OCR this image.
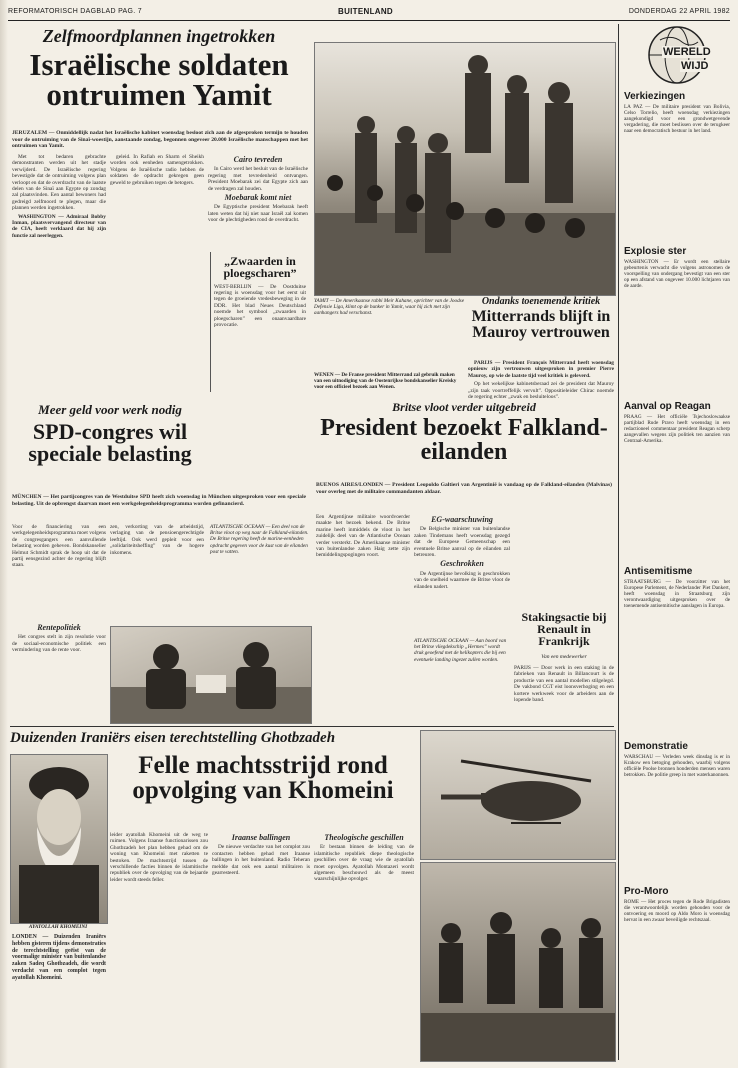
REFORMATORISCH DAGBLAD PAG. 7	BUITENLAND	DONDERDAG 22 APRIL 1982
Zelfmoordplannen ingetrokken
Israëlische soldaten ontruimen Yamit
JERUZALEM — Onmiddellijk nadat het Israëlische kabinet woensdag besloot zich aan de afgesproken termijn te houden voor de ontruiming van de Sinaï-woestijn, aanstaande zondag, begonnen ongeveer 20.000 Israëlische manschappen met het ontruimen van Yamit.

Met tot bedaren gebrachte demonstranten werden uit het stadje verwijderd. De Israëlische regering bevestigde dat de ontruiming volgens plan verloopt en dat de overdracht van de laatste delen van de Sinaï aan Egypte op zondag zal plaatsvinden. Een aantal bewoners had gedreigd zelfmoord te plegen, maar die plannen werden ingetrokken.

WASHINGTON — Admiraal Bobby Inman, plaatsvervangend directeur van de CIA, heeft verklaard dat hij zijn functie zal neerleggen.

geleid. In Rafiah en Sharm el Sheikh worden ook eenheden samengetrokken. Volgens de Israëlische radio hebben de soldaten de opdracht gekregen geen geweld te gebruiken tegen de betogers.

Cairo tevreden

In Cairo werd het besluit van de Israëlische regering met tevredenheid ontvangen. President Moebarak zei dat Egypte zich aan de verdragen zal houden.

Moebarak komt niet

De Egyptische president Moebarak heeft laten weten dat hij niet naar Israël zal komen voor de plechtigheden rond de overdracht.

„Zwaarden in ploegscharen”
WEST-BERLIJN — De Oostduitse regering is woensdag voor het eerst uit tegen de groeiende vredesbeweging in de DDR. Het blad Neues Deutschland noemde het symbool „zwaarden in ploegscharen” een onaanvaardbare provocatie.
YAMIT — De Amerikaanse rabbi Meir Kahane, oprichter van de Joodse Defensie Liga, klimt op de bunker in Yamit, waar hij zich met zijn aanhangers had verschanst.
WENEN — De Franse president Mitterrand zal gebruik maken van een uitnodiging van de Oostenrijkse bondskanselier Kreisky voor een officieel bezoek aan Wenen.
Ondanks toenemende kritiek
Mitterrands blijft in Mauroy vertrouwen

PARIJS — President François Mitterrand heeft woensdag opnieuw zijn vertrouwen uitgesproken in premier Pierre Mauroy, op wie de laatste tijd veel kritiek is geleverd.

Op het wekelijkse kabinetsberaad zei de president dat Mauroy „zijn taak voortreffelijk vervult”. Oppositieleider Chirac noemde de regering echter „zwak en besluiteloos”.

Meer geld voor werk nodig
SPD-congres wil speciale belasting
MÜNCHEN — Het partijcongres van de Westduitse SPD heeft zich woensdag in München uitgesproken voor een speciale belasting. Uit de opbrengst daarvan moet een werkgelegenheidsprogramma worden gefinancierd.
Voor de financiering van een werkgelegenheidsprogramma moet volgens de congresgangers een aanvullende belasting worden geheven. Bondskanselier Helmut Schmidt sprak de hoop uit dat de partij eensgezind achter de regering blijft staan.
zen, verkorting van de arbeidstijd, verlaging van de pensioengerechtigde leeftijd. Ook werd gepleit voor een „solidariteitsheffing” van de hogere inkomens.
Rentepolitiek

Het congres stelt in zijn resolutie voor de sociaal-economische politiek een vermindering van de rente voor.

ATLANTISCHE OCEAAN — Een deel van de Britse vloot op weg naar de Falkland-eilanden. De Britse regering heeft de marine-eenheden opdracht gegeven voor de kust van de eilanden post te vatten.
Britse vloot verder uitgebreid
President bezoekt Falkland-eilanden
BUENOS AIRES/LONDEN — President Leopoldo Galtieri van Argentinië is vandaag op de Falkland-eilanden (Malvinas) voor overleg met de militaire commandanten aldaar.
Een Argentijnse militaire woordvoerder maakte het bezoek bekend. De Britse marine heeft inmiddels de vloot in het zuidelijk deel van de Atlantische Oceaan verder versterkt. De Amerikaanse minister van buitenlandse zaken Haig zette zijn bemiddelingspogingen voort.
EG-waarschuwing

De Belgische minister van buitenlandse zaken Tindemans heeft woensdag gezegd dat de Europese Gemeenschap een eventuele Britse aanval op de eilanden zal betreuren.

Geschrokken

De Argentijnse bevolking is geschrokken van de snelheid waarmee de Britse vloot de eilanden nadert.

ATLANTISCHE OCEAAN — Aan boord van het Britse vliegdekschip „Hermes” wordt druk geoefend met de helikopters die bij een eventuele landing ingezet zullen worden.
Stakingsactie bij Renault in Frankrijk
Van een medewerker
PARIJS — Door werk in een staking in de fabrieken van Renault in Billancourt is de productie van een aantal modellen stilgelegd. De vakbond CGT eist loonsverhoging en een kortere werkweek voor de arbeiders aan de lopende band.
Duizenden Iraniërs eisen terechtstelling Ghotbzadeh
Felle machtsstrijd rond opvolging van Khomeini
AYATOLLAH KHOMEINI
LONDEN — Duizenden Iraniërs hebben gisteren tijdens demonstraties de terechtstelling geëist van de voormalige minister van buitenlandse zaken Sadeq Ghotbzadeh, die wordt verdacht van een complot tegen ayatollah Khomeini.
leider ayatollah Khomeini uit de weg te ruimen. Volgens Iraanse functionarissen zou Ghotbzadeh het plan hebben gehad om de woning van Khomeini met raketten te bestoken. De machtsstrijd tussen de verschillende facties binnen de islamitische republiek over de opvolging van de bejaarde leider wordt steeds feller.
Iraanse ballingen

De nieuwe verdachte van het complot zou contacten hebben gehad met Iraanse ballingen in het buitenland. Radio Teheran meldde dat ook een aantal militairen is gearresteerd.

Theologische geschillen

Er bestaan binnen de leiding van de islamitische republiek diepe theologische geschillen over de vraag wie de ayatollah moet opvolgen. Ayatollah Montazeri wordt algemeen beschouwd als de meest waarschijnlijke opvolger.

WERELD
WIJD
Verkiezingen
LA PAZ — De militaire president van Bolivia, Celso Torrelio, heeft woensdag verkiezingen aangekondigd voor een grondwetgevende vergadering, die moet beslissen over de terugkeer naar een democratisch bestuur in het land.
Explosie ster
WASHINGTON — Er wordt een stellaire gebeurtenis verwacht die volgens astronomen de voorspelling van ondergang bevestigt van een ster op een afstand van ongeveer 10.000 lichtjaren van de aarde.
Aanval op Reagan
PRAAG — Het officiële Tsjechoslowaakse partijblad Rude Pravo heeft woensdag in een redactioneel commentaar president Reagan scherp aangevallen wegens zijn politiek ten aanzien van Centraal-Amerika.
Antisemitisme
STRAATSBURG — De voorzitter van het Europese Parlement, de Nederlander Piet Dankert, heeft woensdag in Straatsburg zijn verontwaardiging uitgesproken over de toenemende antisemitische aanslagen in Europa.
Demonstratie
WARSCHAU — Verleden week dinsdag is er in Krakow een betoging gehouden, waarbij volgens officiële Poolse bronnen honderden mensen waren betrokken. De politie greep in met waterkanonnen.
Pro-Moro
ROME — Het proces tegen de Rode Brigadisten die verantwoordelijk worden gehouden voor de ontvoering en moord op Aldo Moro is woensdag hervat in een zwaar beveiligde rechtszaal.
